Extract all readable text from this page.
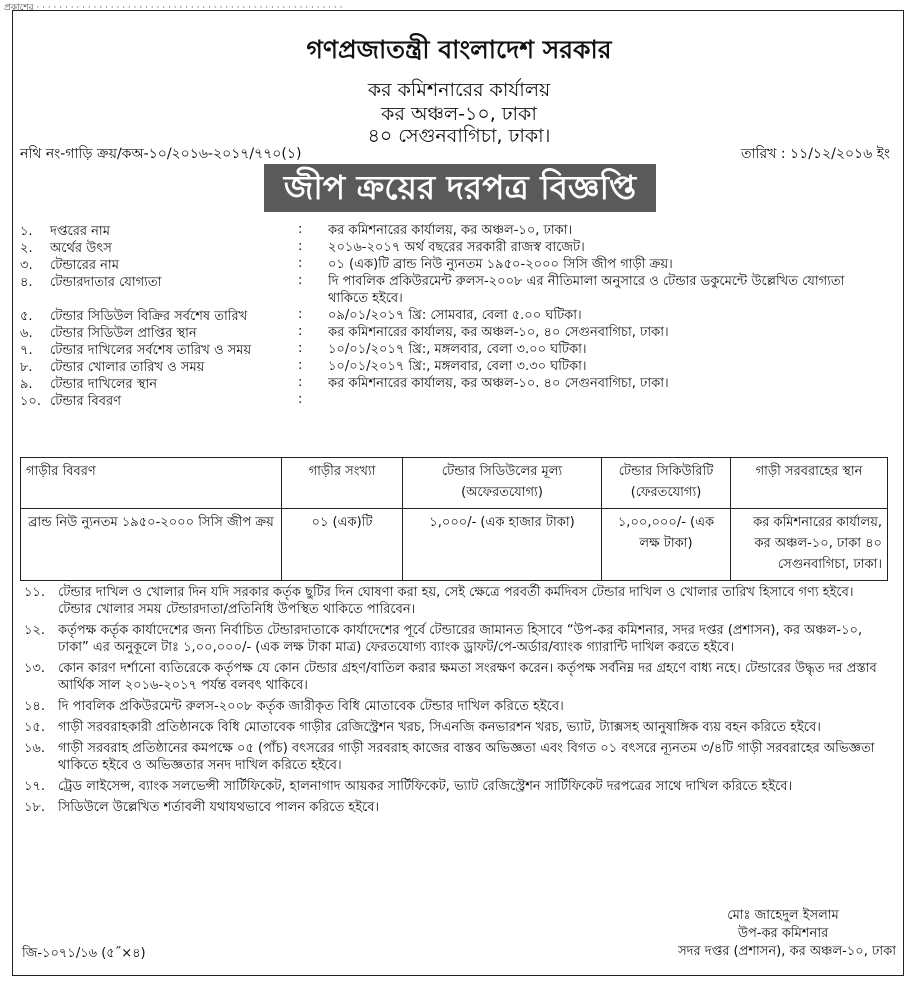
প্রকাশের · · · · · · · · · · · · · · · · · · · · · · · · · · · · · · · · · · · · · · · · · · · · · · · · · · · · · ·
গণপ্রজাতন্ত্রী বাংলাদেশ সরকার
কর কমিশনারের কার্যালয়
কর অঞ্চল-১০, ঢাকা
৪০ সেগুনবাগিচা, ঢাকা।
নথি নং-গাড়ি ক্রয়/কঅ-১০/২০১৬-২০১৭/৭৭০(১)	তারিখ : ১১/১২/২০১৬ ইং
জীপ ক্রয়ের দরপত্র বিজ্ঞপ্তি
১.	দপ্তরের নাম	: কর কমিশনারের কার্যালয়, কর অঞ্চল-১০, ঢাকা।
২.	অর্থের উৎস	: ২০১৬-২০১৭ অর্থ বছরের সরকারী রাজস্ব বাজেট।
৩.	টেন্ডারের নাম	: ০১ (এক)টি ব্রান্ড নিউ ন্যুনতম ১৯৫০-২০০০ সিসি জীপ গাড়ী ক্রয়।
৪.	টেন্ডারদাতার যোগ্যতা	: দি পাবলিক প্রকিউরমেন্ট রুলস-২০০৮ এর নীতিমালা অনুসারে ও টেন্ডার ডকুমেন্টে উল্লেখিত যোগ্যতা থাকিতে হইবে।
৫.	টেন্ডার সিডিউল বিক্রির সর্বশেষ তারিখ	: ০৯/০১/২০১৭ খ্রি: সোমবার, বেলা ৫.০০ ঘটিকা।
৬.	টেন্ডার সিডিউল প্রাপ্তির স্থান	: কর কমিশনারের কার্যালয়, কর অঞ্চল-১০, ৪০ সেগুনবাগিচা, ঢাকা।
৭.	টেন্ডার দাখিলের সর্বশেষ তারিখ ও সময়	: ১০/০১/২০১৭ খ্রি:, মঙ্গলবার, বেলা ৩.০০ ঘটিকা।
৮.	টেন্ডার খোলার তারিখ ও সময়	: ১০/০১/২০১৭ খ্রি:, মঙ্গলবার, বেলা ৩.৩০ ঘটিকা।
৯.	টেন্ডার দাখিলের স্থান	: কর কমিশনারের কার্যালয়, কর অঞ্চল-১০. ৪০ সেগুনবাগিচা, ঢাকা।
১০. টেন্ডার বিবরণ	:
গাড়ীর বিবরণ	গাড়ীর সংখ্যা	টেন্ডার সিডিউলের মূল্য (অফেরতযোগ্য)	টেন্ডার সিকিউরিটি (ফেরতযোগ্য)	গাড়ী সরবরাহের স্থান
ব্রান্ড নিউ ন্যুনতম ১৯৫০-২০০০ সিসি জীপ ক্রয়	০১ (এক)টি	১,০০০/- (এক হাজার টাকা)	১,০০,০০০/- (এক লক্ষ টাকা)	কর কমিশনারের কার্যালয়, কর অঞ্চল-১০, ঢাকা ৪০ সেগুনবাগিচা, ঢাকা।
১১. টেন্ডার দাখিল ও খোলার দিন যদি সরকার কর্তৃক ছুটির দিন ঘোষণা করা হয়, সেই ক্ষেত্রে পরবর্তী কর্মদিবস টেন্ডার দাখিল ও খোলার তারিখ হিসাবে গণ্য হইবে। টেন্ডার খোলার সময় টেন্ডারদাতা/প্রতিনিধি উপস্থিত থাকিতে পারিবেন।
১২. কর্তৃপক্ষ কর্তৃক কার্যাদেশের জন্য নির্বাচিত টেন্ডারদাতাকে কার্যাদেশের পূর্বে টেন্ডারের জামানত হিসাবে “উপ-কর কমিশনার, সদর দপ্তর (প্রশাসন), কর অঞ্চল-১০, ঢাকা” এর অনুকূলে টাঃ ১,০০,০০০/- (এক লক্ষ টাকা মাত্র) ফেরতযোগ্য ব্যাংক ড্রাফট/পে-অর্ডার/ব্যাংক গ্যারান্টি দাখিল করতে হইবে।
১৩. কোন কারণ দর্শানো ব্যতিরেকে কর্তৃপক্ষ যে কোন টেন্ডার গ্রহণ/বাতিল করার ক্ষমতা সংরক্ষণ করেন। কর্তৃপক্ষ সর্বনিম্ন দর গ্রহণে বাধ্য নহে। টেন্ডারের উদ্ধৃত দর প্রস্তাব আর্থিক সাল ২০১৬-২০১৭ পর্যন্ত বলবৎ থাকিবে।
১৪. দি পাবলিক প্রকিউরমেন্ট রুলস-২০০৮ কর্তৃক জারীকৃত বিধি মোতাবেক টেন্ডার দাখিল করিতে হইবে।
১৫. গাড়ী সরবরাহকারী প্রতিষ্ঠানকে বিধি মোতাবেক গাড়ীর রেজিস্ট্রেশন খরচ, সিএনজি কনভারশন খরচ, ভ্যাট, ট্যাক্সসহ আনুষাঙ্গিক ব্যয় বহন করিতে হইবে।
১৬. গাড়ী সরবরাহ প্রতিষ্ঠানের কমপক্ষে ০৫ (পাঁচ) বৎসরের গাড়ী সরবরাহ কাজের বাস্তব অভিজ্ঞতা এবং বিগত ০১ বৎসরে ন্যূনতম ৩/৪টি গাড়ী সরবরাহের অভিজ্ঞতা থাকিতে হইবে ও অভিজ্ঞতার সনদ দাখিল করিতে হইবে।
১৭. ট্রেড লাইসেন্স, ব্যাংক সলভেন্সী সার্টিফিকেট, হালনাগাদ আয়কর সার্টিফিকেট, ভ্যাট রেজিস্ট্রেশন সার্টিফিকেট দরপত্রের সাথে দাখিল করিতে হইবে।
১৮. সিডিউলে উল্লেখিত শর্তাবলী যথাযথভাবে পালন করিতে হইবে।
মোঃ জাহেদুল ইসলাম
উপ-কর কমিশনার
সদর দপ্তর (প্রশাসন), কর অঞ্চল-১০, ঢাকা
জি-১০৭১/১৬ (৫˝×৪)
